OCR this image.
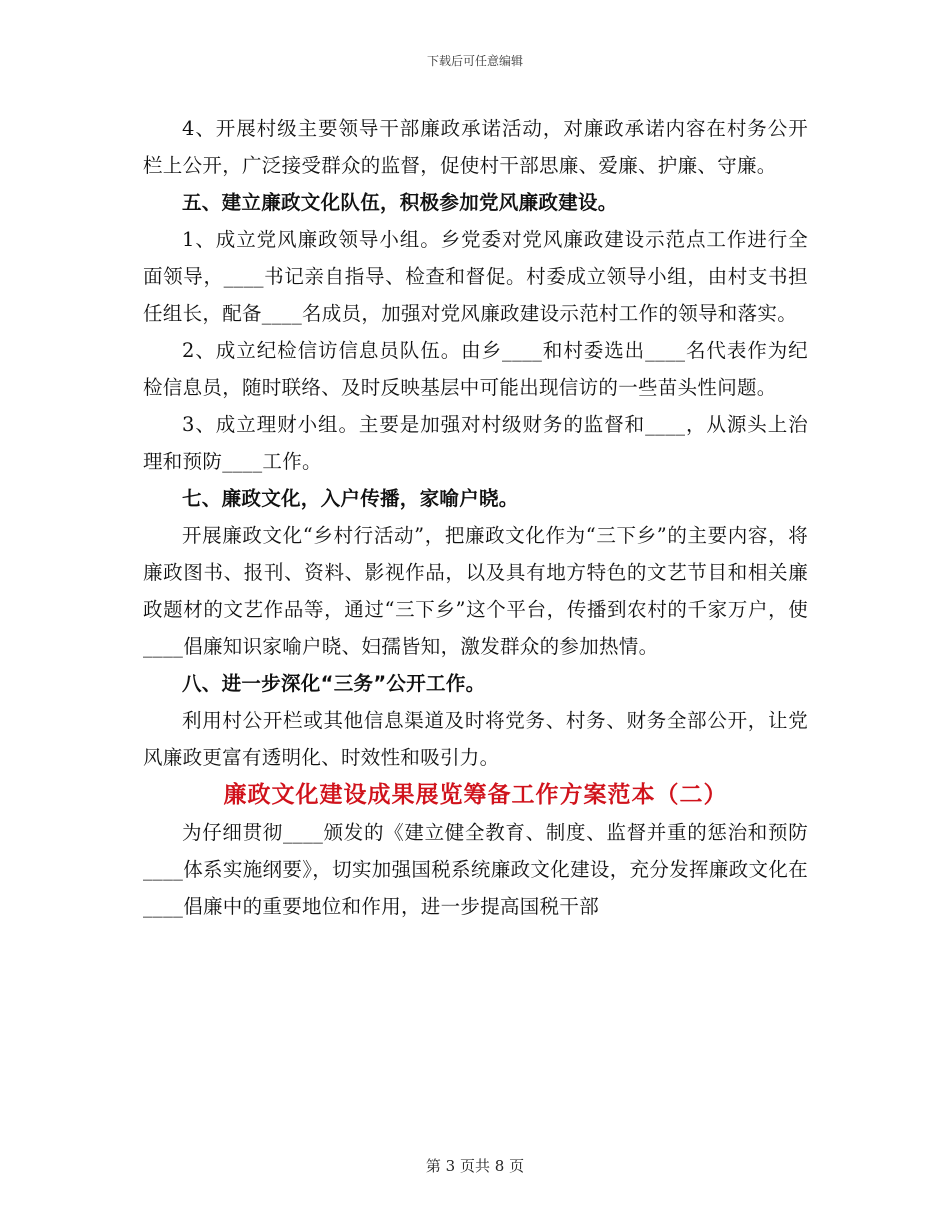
下载后可任意编辑

4、开展村级主要领导干部廉政承诺活动，对廉政承诺内容在村务公开栏上公开，广泛接受群众的监督，促使村干部思廉、爱廉、护廉、守廉。

五、建立廉政文化队伍，积极参加党风廉政建设。

1、成立党风廉政领导小组。乡党委对党风廉政建设示范点工作进行全面领导，____书记亲自指导、检查和督促。村委成立领导小组，由村支书担任组长，配备____名成员，加强对党风廉政建设示范村工作的领导和落实。

2、成立纪检信访信息员队伍。由乡____和村委选出____名代表作为纪检信息员，随时联络、及时反映基层中可能出现信访的一些苗头性问题。

3、成立理财小组。主要是加强对村级财务的监督和____，从源头上治理和预防____工作。

七、廉政文化，入户传播，家喻户晓。

开展廉政文化“乡村行活动”，把廉政文化作为“三下乡”的主要内容，将廉政图书、报刊、资料、影视作品，以及具有地方特色的文艺节目和相关廉政题材的文艺作品等，通过“三下乡”这个平台，传播到农村的千家万户，使____倡廉知识家喻户晓、妇孺皆知，激发群众的参加热情。

八、进一步深化“三务”公开工作。

利用村公开栏或其他信息渠道及时将党务、村务、财务全部公开，让党风廉政更富有透明化、时效性和吸引力。

廉政文化建设成果展览筹备工作方案范本（二）

为仔细贯彻____颁发的《建立健全教育、制度、监督并重的惩治和预防____体系实施纲要》，切实加强国税系统廉政文化建设，充分发挥廉政文化在____倡廉中的重要地位和作用，进一步提高国税干部

第 3 页共 8 页
